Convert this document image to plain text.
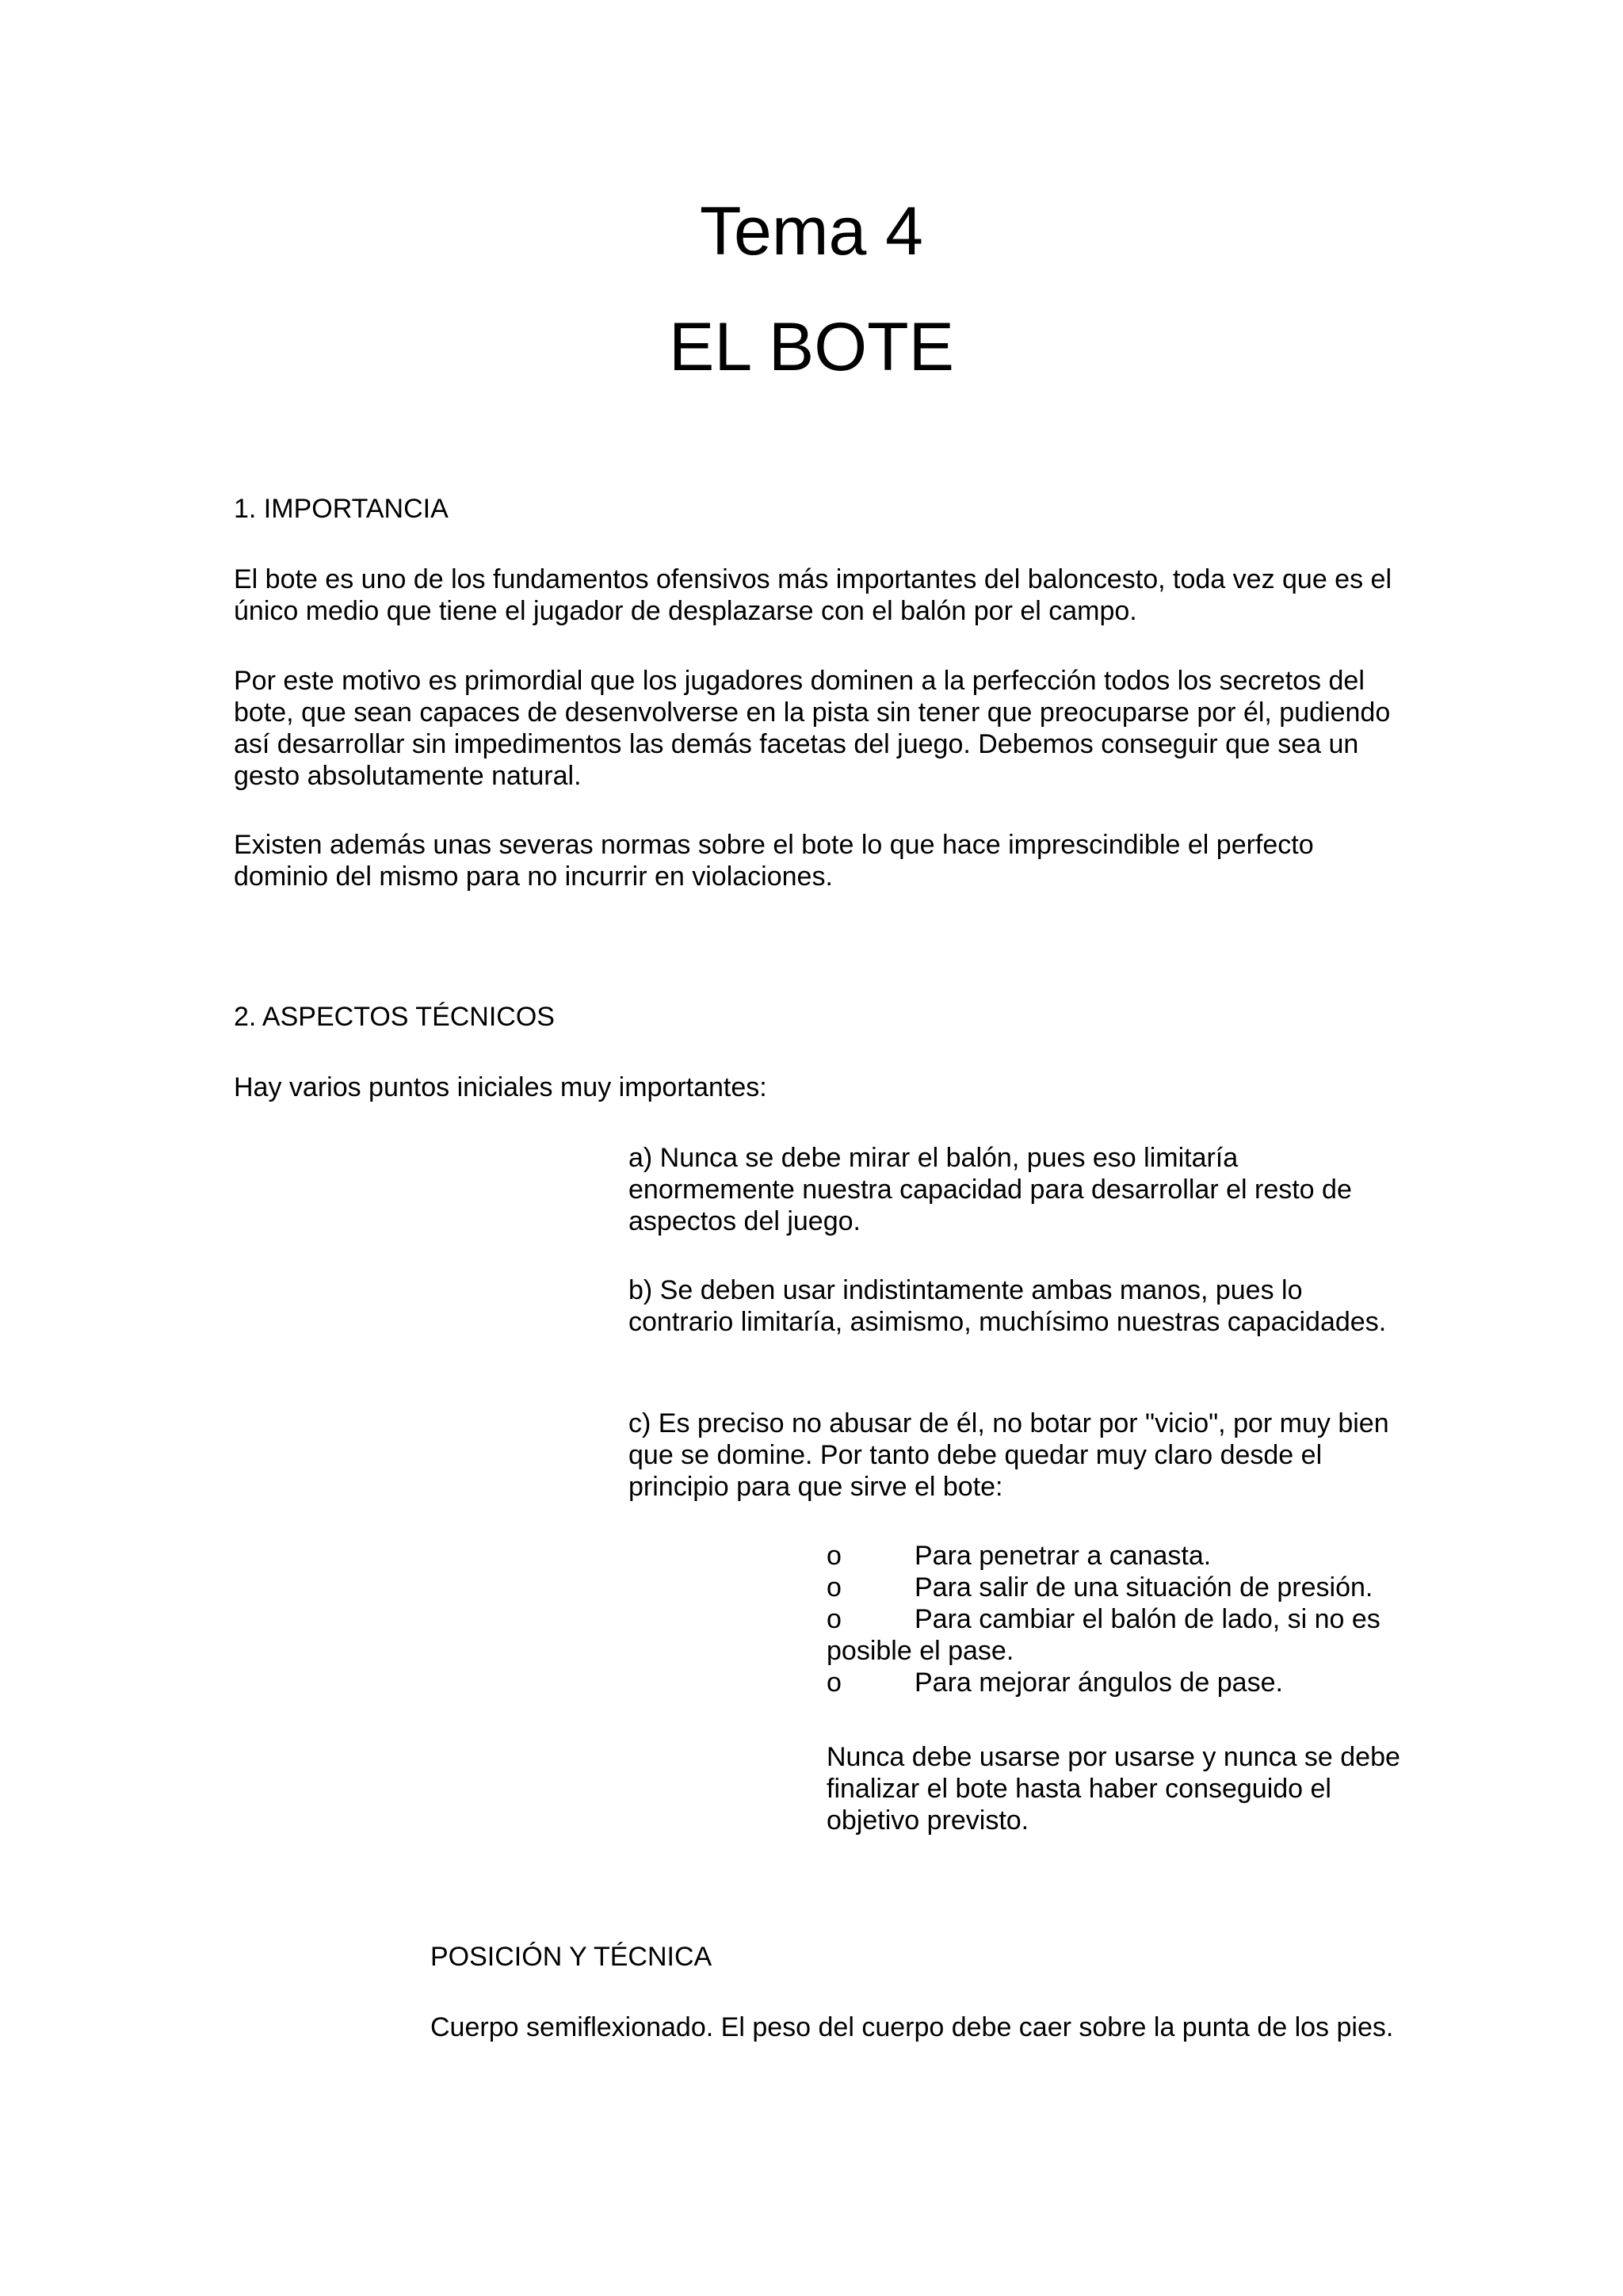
Tema 4
EL BOTE

1. IMPORTANCIA

El bote es uno de los fundamentos ofensivos más importantes del baloncesto, toda vez que es el único medio que tiene el jugador de desplazarse con el balón por el campo.

Por este motivo es primordial que los jugadores dominen a la perfección todos los secretos del bote, que sean capaces de desenvolverse en la pista sin tener que preocuparse por él, pudiendo así desarrollar sin impedimentos las demás facetas del juego. Debemos conseguir que sea un gesto absolutamente natural.

Existen además unas severas normas sobre el bote lo que hace imprescindible el perfecto dominio del mismo para no incurrir en violaciones.

2. ASPECTOS TÉCNICOS

Hay varios puntos iniciales muy importantes:

a) Nunca se debe mirar el balón, pues eso limitaría enormemente nuestra capacidad para desarrollar el resto de aspectos del juego.

b) Se deben usar indistintamente ambas manos, pues lo contrario limitaría, asimismo, muchísimo nuestras capacidades.

c) Es preciso no abusar de él, no botar por "vicio", por muy bien que se domine. Por tanto debe quedar muy claro desde el principio para que sirve el bote:

o	Para penetrar a canasta.
o	Para salir de una situación de presión.
o	Para cambiar el balón de lado, si no es posible el pase.
o	Para mejorar ángulos de pase.

Nunca debe usarse por usarse y nunca se debe finalizar el bote hasta haber conseguido el objetivo previsto.

POSICIÓN Y TÉCNICA

Cuerpo semiflexionado. El peso del cuerpo debe caer sobre la punta de los pies.
